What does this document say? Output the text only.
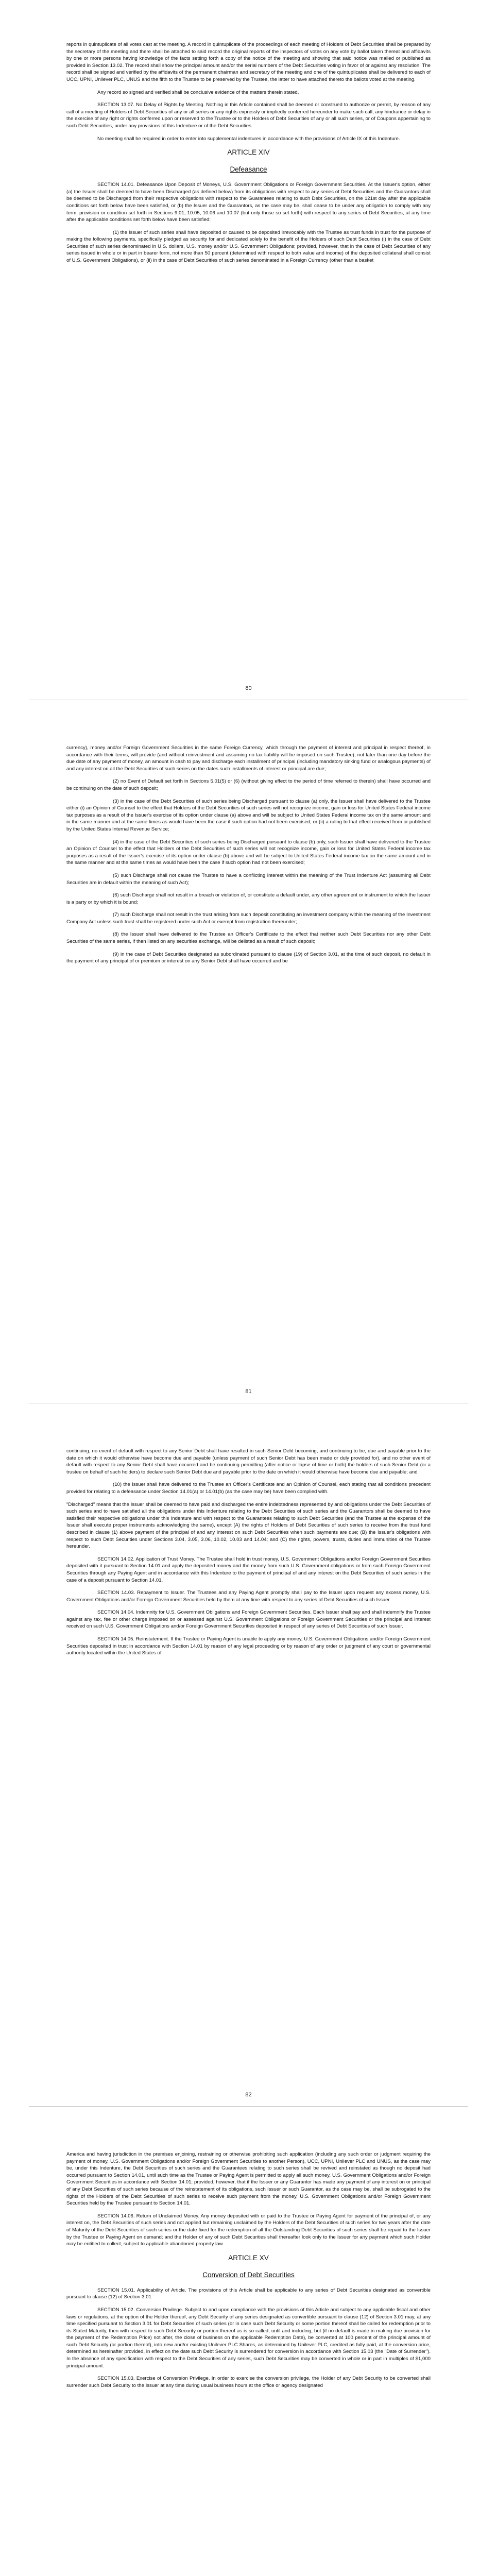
reports in quintuplicate of all votes cast at the meeting. A record in quintuplicate of the proceedings of each meeting of Holders of Debt Securities shall be prepared by the secretary of the meeting and there shall be attached to said record the original reports of the inspectors of votes on any vote by ballot taken thereat and affidavits by one or more persons having knowledge of the facts setting forth a copy of the notice of the meeting and showing that said notice was mailed or published as provided in Section 13.02. The record shall show the principal amount and/or the serial numbers of the Debt Securities voting in favor of or against any resolution. The record shall be signed and verified by the affidavits of the permanent chairman and secretary of the meeting and one of the quintuplicates shall be delivered to each of UCC, UPNI, Unilever PLC, UNUS and the fifth to the Trustee to be preserved by the Trustee, the latter to have attached thereto the ballots voted at the meeting.

Any record so signed and verified shall be conclusive evidence of the matters therein stated.

SECTION 13.07. No Delay of Rights by Meeting. Nothing in this Article contained shall be deemed or construed to authorize or permit, by reason of any call of a meeting of Holders of Debt Securities of any or all series or any rights expressly or impliedly conferred hereunder to make such call, any hindrance or delay in the exercise of any right or rights conferred upon or reserved to the Trustee or to the Holders of Debt Securities of any or all such series, or of Coupons appertaining to such Debt Securities, under any provisions of this Indenture or of the Debt Securities.

No meeting shall be required in order to enter into supplemental indentures in accordance with the provisions of Article IX of this Indenture.

ARTICLE XIV

Defeasance

SECTION 14.01. Defeasance Upon Deposit of Moneys, U.S. Government Obligations or Foreign Government Securities. At the Issuer's option, either (a) the Issuer shall be deemed to have been Discharged (as defined below) from its obligations with respect to any series of Debt Securities and the Guarantors shall be deemed to be Discharged from their respective obligations with respect to the Guarantees relating to such Debt Securities, on the 121st day after the applicable conditions set forth below have been satisfied, or (b) the Issuer and the Guarantors, as the case may be, shall cease to be under any obligation to comply with any term, provision or condition set forth in Sections 9.01, 10.05, 10.06 and 10.07 (but only those so set forth) with respect to any series of Debt Securities, at any time after the applicable conditions set forth below have been satisfied:

(1) the Issuer of such series shall have deposited or caused to be deposited irrevocably with the Trustee as trust funds in trust for the purpose of making the following payments, specifically pledged as security for and dedicated solely to the benefit of the Holders of such Debt Securities (i) in the case of Debt Securities of such series denominated in U.S. dollars, U.S. money and/or U.S. Government Obligations; provided, however, that in the case of Debt Securities of any series issued in whole or in part in bearer form, not more than 50 percent (determined with respect to both value and income) of the deposited collateral shall consist of U.S. Government Obligations), or (ii) in the case of Debt Securities of such series denominated in a Foreign Currency (other than a basket

80

currency), money and/or Foreign Government Securities in the same Foreign Currency, which through the payment of interest and principal in respect thereof, in accordance with their terms, will provide (and without reinvestment and assuming no tax liability will be imposed on such Trustee), not later than one day before the due date of any payment of money, an amount in cash to pay and discharge each installment of principal (including mandatory sinking fund or analogous payments) of and any interest on all the Debt Securities of such series on the dates such installments of interest or principal are due;

(2) no Event of Default set forth in Sections 5.01(5) or (6) (without giving effect to the period of time referred to therein) shall have occurred and be continuing on the date of such deposit;

(3) in the case of the Debt Securities of such series being Discharged pursuant to clause (a) only, the Issuer shall have delivered to the Trustee either (i) an Opinion of Counsel to the effect that Holders of the Debt Securities of such series will not recognize income, gain or loss for United States Federal income tax purposes as a result of the Issuer's exercise of its option under clause (a) above and will be subject to United States Federal income tax on the same amount and in the same manner and at the same times as would have been the case if such option had not been exercised, or (ii) a ruling to that effect received from or published by the United States Internal Revenue Service;

(4) in the case of the Debt Securities of such series being Discharged pursuant to clause (b) only, such Issuer shall have delivered to the Trustee an Opinion of Counsel to the effect that Holders of the Debt Securities of such series will not recognize income, gain or loss for United States Federal income tax purposes as a result of the Issuer's exercise of its option under clause (b) above and will be subject to United States Federal income tax on the same amount and in the same manner and at the same times as would have been the case if such option had not been exercised;

(5) such Discharge shall not cause the Trustee to have a conflicting interest within the meaning of the Trust Indenture Act (assuming all Debt Securities are in default within the meaning of such Act);

(6) such Discharge shall not result in a breach or violation of, or constitute a default under, any other agreement or instrument to which the Issuer is a party or by which it is bound;

(7) such Discharge shall not result in the trust arising from such deposit constituting an investment company within the meaning of the Investment Company Act unless such trust shall be registered under such Act or exempt from registration thereunder;

(8) the Issuer shall have delivered to the Trustee an Officer's Certificate to the effect that neither such Debt Securities nor any other Debt Securities of the same series, if then listed on any securities exchange, will be delisted as a result of such deposit;

(9) in the case of Debt Securities designated as subordinated pursuant to clause (19) of Section 3.01, at the time of such deposit, no default in the payment of any principal of or premium or interest on any Senior Debt shall have occurred and be

81

continuing, no event of default with respect to any Senior Debt shall have resulted in such Senior Debt becoming, and continuing to be, due and payable prior to the date on which it would otherwise have become due and payable (unless payment of such Senior Debt has been made or duly provided for), and no other event of default with respect to any Senior Debt shall have occurred and be continuing permitting (after notice or lapse of time or both) the holders of such Senior Debt (or a trustee on behalf of such holders) to declare such Senior Debt due and payable prior to the date on which it would otherwise have become due and payable; and

(10) the Issuer shall have delivered to the Trustee an Officer's Certificate and an Opinion of Counsel, each stating that all conditions precedent provided for relating to a defeasance under Section 14.01(a) or 14.01(b) (as the case may be) have been complied with.

"Discharged" means that the Issuer shall be deemed to have paid and discharged the entire indebtedness represented by and obligations under the Debt Securities of such series and to have satisfied all the obligations under this Indenture relating to the Debt Securities of such series and the Guarantors shall be deemed to have satisfied their respective obligations under this Indenture and with respect to the Guarantees relating to such Debt Securities (and the Trustee at the expense of the Issuer shall execute proper instruments acknowledging the same), except (A) the rights of Holders of Debt Securities of such series to receive from the trust fund described in clause (1) above payment of the principal of and any interest on such Debt Securities when such payments are due; (B) the Issuer's obligations with respect to such Debt Securities under Sections 3.04, 3.05, 3.06, 10.02, 10.03 and 14.04; and (C) the rights, powers, trusts, duties and immunities of the Trustee hereunder.

SECTION 14.02. Application of Trust Money. The Trustee shall hold in trust money, U.S. Government Obligations and/or Foreign Government Securities deposited with it pursuant to Section 14.01 and apply the deposited money and the money from such U.S. Government obligations or from such Foreign Government Securities through any Paying Agent and in accordance with this Indenture to the payment of principal of and any interest on the Debt Securities of such series in the case of a deposit pursuant to Section 14.01.

SECTION 14.03. Repayment to Issuer. The Trustees and any Paying Agent promptly shall pay to the Issuer upon request any excess money, U.S. Government Obligations and/or Foreign Government Securities held by them at any time with respect to any series of Debt Securities of such Issuer.

SECTION 14.04. Indemnity for U.S. Government Obligations and Foreign Government Securities. Each Issuer shall pay and shall indemnify the Trustee against any tax, fee or other charge imposed on or assessed against U.S. Government Obligations or Foreign Government Securities or the principal and interest received on such U.S. Government Obligations and/or Foreign Government Securities deposited in respect of any series of Debt Securities of such Issuer.

SECTION 14.05. Reinstatement. If the Trustee or Paying Agent is unable to apply any money, U.S. Government Obligations and/or Foreign Government Securities deposited in trust in accordance with Section 14.01 by reason of any legal proceeding or by reason of any order or judgment of any court or governmental authority located within the United States of

82

America and having jurisdiction in the premises enjoining, restraining or otherwise prohibiting such application (including any such order or judgment requiring the payment of money, U.S. Government Obligations and/or Foreign Government Securities to another Person), UCC, UPNI, Unilever PLC and UNUS, as the case may be, under this Indenture, the Debt Securities of such series and the Guarantees relating to such series shall be revived and reinstated as though no deposit had occurred pursuant to Section 14.01, until such time as the Trustee or Paying Agent is permitted to apply all such money, U.S. Government Obligations and/or Foreign Government Securities in accordance with Section 14.01; provided, however, that if the Issuer or any Guarantor has made any payment of any interest on or principal of any Debt Securities of such series because of the reinstatement of its obligations, such Issuer or such Guarantor, as the case may be, shall be subrogated to the rights of the Holders of the Debt Securities of such series to receive such payment from the money, U.S. Government Obligations and/or Foreign Government Securities held by the Trustee pursuant to Section 14.01.

SECTION 14.06. Return of Unclaimed Money. Any money deposited with or paid to the Trustee or Paying Agent for payment of the principal of, or any interest on, the Debt Securities of such series and not applied but remaining unclaimed by the Holders of the Debt Securities of such series for two years after the date of Maturity of the Debt Securities of such series or the date fixed for the redemption of all the Outstanding Debt Securities of such series shall be repaid to the Issuer by the Trustee or Paying Agent on demand; and the Holder of any of such Debt Securities shall thereafter look only to the Issuer for any payment which such Holder may be entitled to collect, subject to applicable abandoned property law.

ARTICLE XV

Conversion of Debt Securities

SECTION 15.01. Applicability of Article. The provisions of this Article shall be applicable to any series of Debt Securities designated as convertible pursuant to clause (12) of Section 3.01.

SECTION 15.02. Conversion Privilege. Subject to and upon compliance with the provisions of this Article and subject to any applicable fiscal and other laws or regulations, at the option of the Holder thereof, any Debt Security of any series designated as convertible pursuant to clause (12) of Section 3.01 may, at any time specified pursuant to Section 3.01 for Debt Securities of such series (or in case such Debt Security or some portion thereof shall be called for redemption prior to its Stated Maturity, then with respect to such Debt Security or portion thereof as is so called, until and including, but (if no default is made in making due provision for the payment of the Redemption Price) not after, the close of business on the applicable Redemption Date), be converted at 100 percent of the principal amount of such Debt Security (or portion thereof), into new and/or existing Unilever PLC Shares, as determined by Unilever PLC, credited as fully paid, at the conversion price, determined as hereinafter provided, in effect on the date such Debt Security is surrendered for conversion in accordance with Section 15.03 (the "Date of Surrender"). In the absence of any specification with respect to the Debt Securities of any series, such Debt Securities may be converted in whole or in part in multiples of $1,000 principal amount.

SECTION 15.03. Exercise of Conversion Privilege. In order to exercise the conversion privilege, the Holder of any Debt Security to be converted shall surrender such Debt Security to the Issuer at any time during usual business hours at the office or agency designated
